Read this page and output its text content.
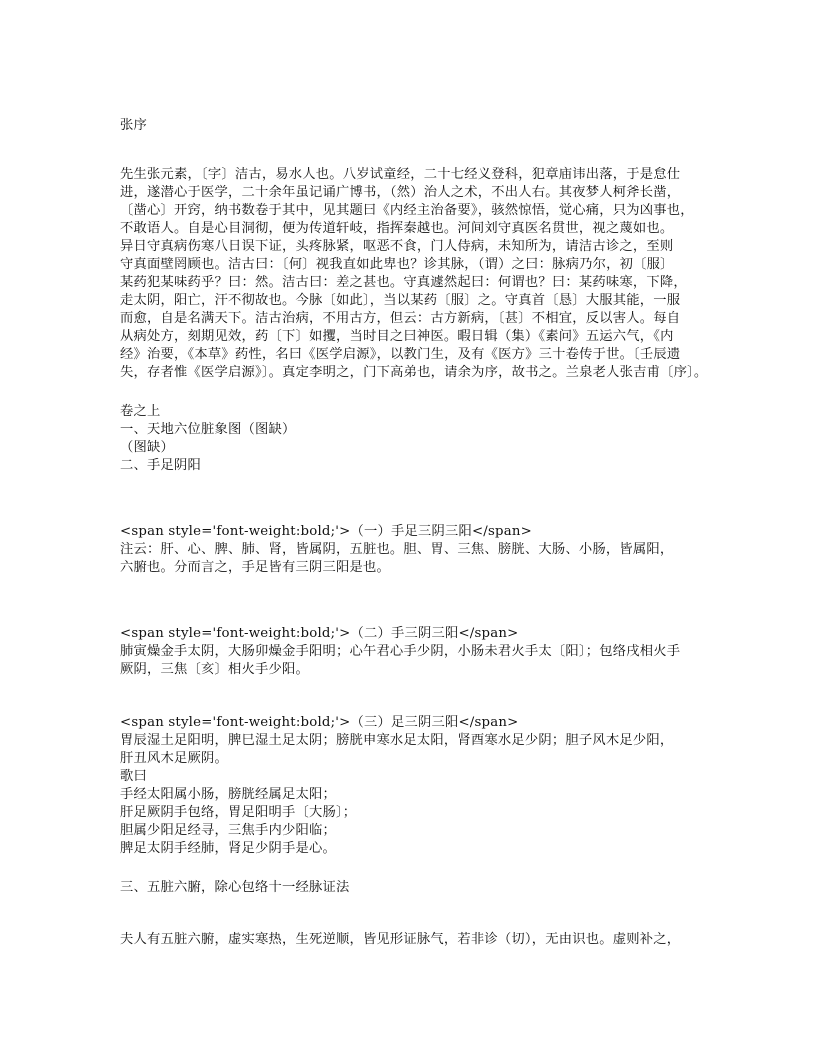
张序
先生张元素，〔字〕洁古，易水人也。八岁试童经，二十七经义登科，犯章庙讳出落，于是怠仕
进，遂潜心于医学，二十余年虽记诵广博书，（然）治人之术，不出人右。其夜梦人柯斧长凿，
〔凿心〕开窍，纳书数卷于其中，见其题曰《内经主治备要》，骇然惊悟，觉心痛，只为凶事也，
不敢语人。自是心目洞彻，便为传道轩岐，指挥秦越也。河间刘守真医名贯世，视之蔑如也。
异日守真病伤寒八日误下证，头疼脉紧，呕恶不食，门人侍病，未知所为，请洁古诊之，至则
守真面壁罔顾也。洁古曰：〔何〕视我直如此卑也？诊其脉，（谓）之曰：脉病乃尔，初〔服〕
某药犯某味药乎？曰：然。洁古曰：差之甚也。守真遽然起曰：何谓也？曰：某药味寒，下降，
走太阴，阳亡，汗不彻故也。今脉〔如此〕，当以某药〔服〕之。守真首〔恳〕大服其能，一服
而愈，自是名满天下。洁古治病，不用古方，但云：古方新病，〔甚〕不相宜，反以害人。每自
从病处方，刻期见效，药〔下〕如攫，当时目之曰神医。暇日辑（集）《素问》五运六气，《内
经》治要，《本草》药性，名曰《医学启源》，以教门生，及有《医方》三十卷传于世。〔壬辰遗
失，存者惟《医学启源》〕。真定李明之，门下高弟也，请余为序，故书之。兰泉老人张吉甫〔序〕。
卷之上
一、天地六位脏象图（图缺）
（图缺）
二、手足阴阳
<span style='font-weight:bold;'>（一）手足三阴三阳</span>
注云：肝、心、脾、肺、肾，皆属阴，五脏也。胆、胃、三焦、膀胱、大肠、小肠，皆属阳，
六腑也。分而言之，手足皆有三阴三阳是也。
<span style='font-weight:bold;'>（二）手三阴三阳</span>
肺寅燥金手太阴，大肠卯燥金手阳明；心午君心手少阴，小肠未君火手太〔阳〕；包络戌相火手
厥阴，三焦〔亥〕相火手少阳。
<span style='font-weight:bold;'>（三）足三阴三阳</span>
胃辰湿土足阳明，脾巳湿土足太阴；膀胱申寒水足太阳，肾酉寒水足少阴；胆子风木足少阳，
肝丑风木足厥阴。
歌曰
手经太阳属小肠，膀胱经属足太阳；
肝足厥阴手包络，胃足阳明手〔大肠〕；
胆属少阳足经寻，三焦手内少阳临；
脾足太阴手经肺，肾足少阴手是心。
三、五脏六腑，除心包络十一经脉证法
夫人有五脏六腑，虚实寒热，生死逆顺，皆见形证脉气，若非诊（切），无由识也。虚则补之，
